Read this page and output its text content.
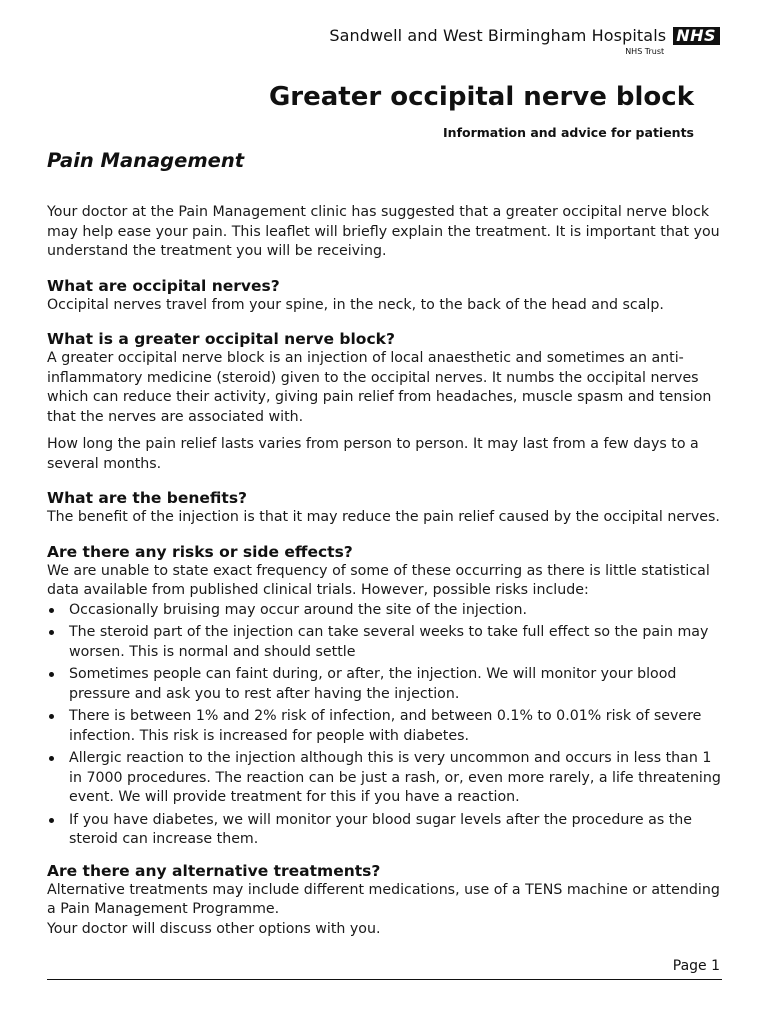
Sandwell and West Birmingham Hospitals
NHS Trust
NHS
Greater occipital nerve block
Information and advice for patients
Pain Management

Your doctor at the Pain Management clinic has suggested that a greater occipital nerve block may help ease your pain. This leaflet will briefly explain the treatment. It is important that you understand the treatment you will be receiving.

What are occipital nerves?

Occipital nerves travel from your spine, in the neck, to the back of the head and scalp.

What is a greater occipital nerve block?

A greater occipital nerve block is an injection of local anaesthetic and sometimes an anti-inflammatory medicine (steroid) given to the occipital nerves. It numbs the occipital nerves which can reduce their activity, giving pain relief from headaches, muscle spasm and tension that the nerves are associated with.

How long the pain relief lasts varies from person to person. It may last from a few days to a several months.

What are the benefits?

The benefit of the injection is that it may reduce the pain relief caused by the occipital nerves.

Are there any risks or side effects?

We are unable to state exact frequency of some of these occurring as there is little statistical data available from published clinical trials. However, possible risks include:

Occasionally bruising may occur around the site of the injection.
The steroid part of the injection can take several weeks to take full effect so the pain may worsen. This is normal and should settle
Sometimes people can faint during, or after, the injection. We will monitor your blood pressure and ask you to rest after having the injection.
There is between 1% and 2% risk of infection, and between 0.1% to 0.01% risk of severe infection. This risk is increased for people with diabetes.
Allergic reaction to the injection although this is very uncommon and occurs in less than 1 in 7000 procedures. The reaction can be just a rash, or, even more rarely, a life threatening event. We will provide treatment for this if you have a reaction.
If you have diabetes, we will monitor your blood sugar levels after the procedure as the steroid can increase them.
Are there any alternative treatments?

Alternative treatments may include different medications, use of a TENS machine or attending a Pain Management Programme.

Your doctor will discuss other options with you.

Page 1
